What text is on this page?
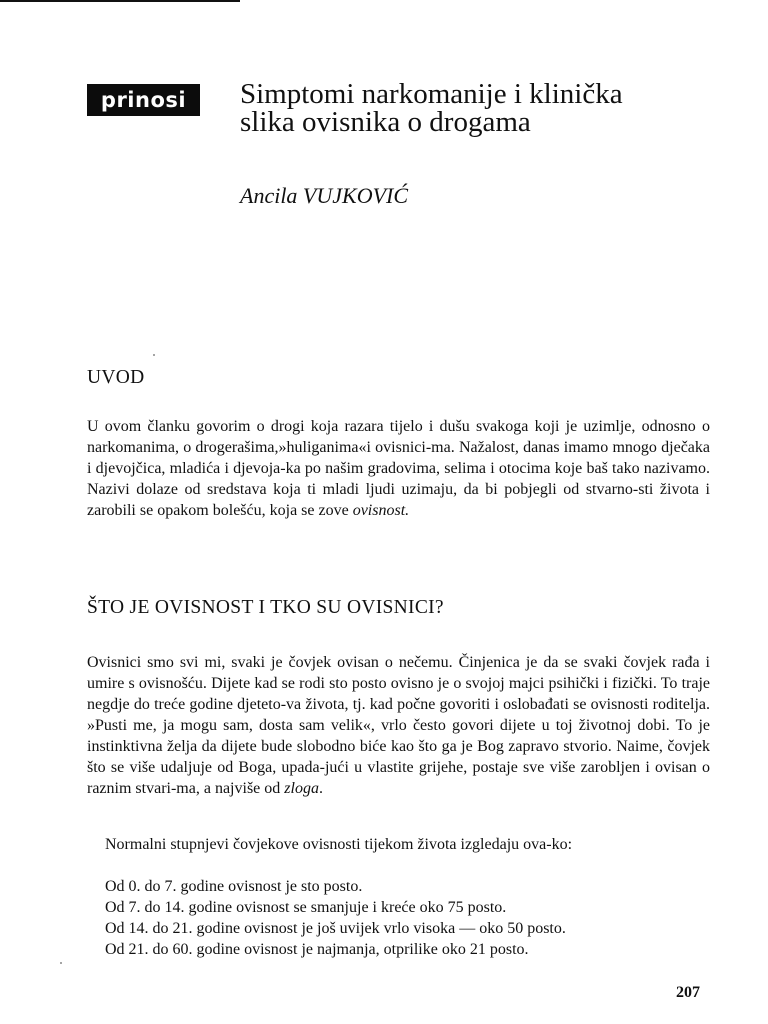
prinosi	Simptomi narkomanije i klinička slika ovisnika o drogama
Ancila VUJKOVIĆ
UVOD

U ovom članku govorim o drogi koja razara tijelo i dušu svakoga koji je uzimlje, odnosno o narkomanima, o drogerašima,»huliganima«i ovisnici-ma. Nažalost, danas imamo mnogo dječaka i djevojčica, mladića i djevoja-ka po našim gradovima, selima i otocima koje baš tako nazivamo. Nazivi dolaze od sredstava koja ti mladi ljudi uzimaju, da bi pobjegli od stvarno-sti života i zarobili se opakom bolešću, koja se zove ovisnost.

ŠTO JE OVISNOST I TKO SU OVISNICI?

Ovisnici smo svi mi, svaki je čovjek ovisan o nečemu. Činjenica je da se svaki čovjek rađa i umire s ovisnošću. Dijete kad se rodi sto posto ovisno je o svojoj majci psihički i fizički. To traje negdje do treće godine djeteto-va života, tj. kad počne govoriti i oslobađati se ovisnosti roditelja. »Pusti me, ja mogu sam, dosta sam velik«, vrlo često govori dijete u toj životnoj dobi. To je instinktivna želja da dijete bude slobodno biće kao što ga je Bog zapravo stvorio. Naime, čovjek što se više udaljuje od Boga, upada-jući u vlastite grijehe, postaje sve više zarobljen i ovisan o raznim stvari-ma, a najviše od zloga.

Normalni stupnjevi čovjekove ovisnosti tijekom života izgledaju ova-ko:

Od 0. do 7. godine ovisnost je sto posto.
Od 7. do 14. godine ovisnost se smanjuje i kreće oko 75 posto.
Od 14. do 21. godine ovisnost je još uvijek vrlo visoka — oko 50 posto.
Od 21. do 60. godine ovisnost je najmanja, otprilike oko 21 posto.
207
